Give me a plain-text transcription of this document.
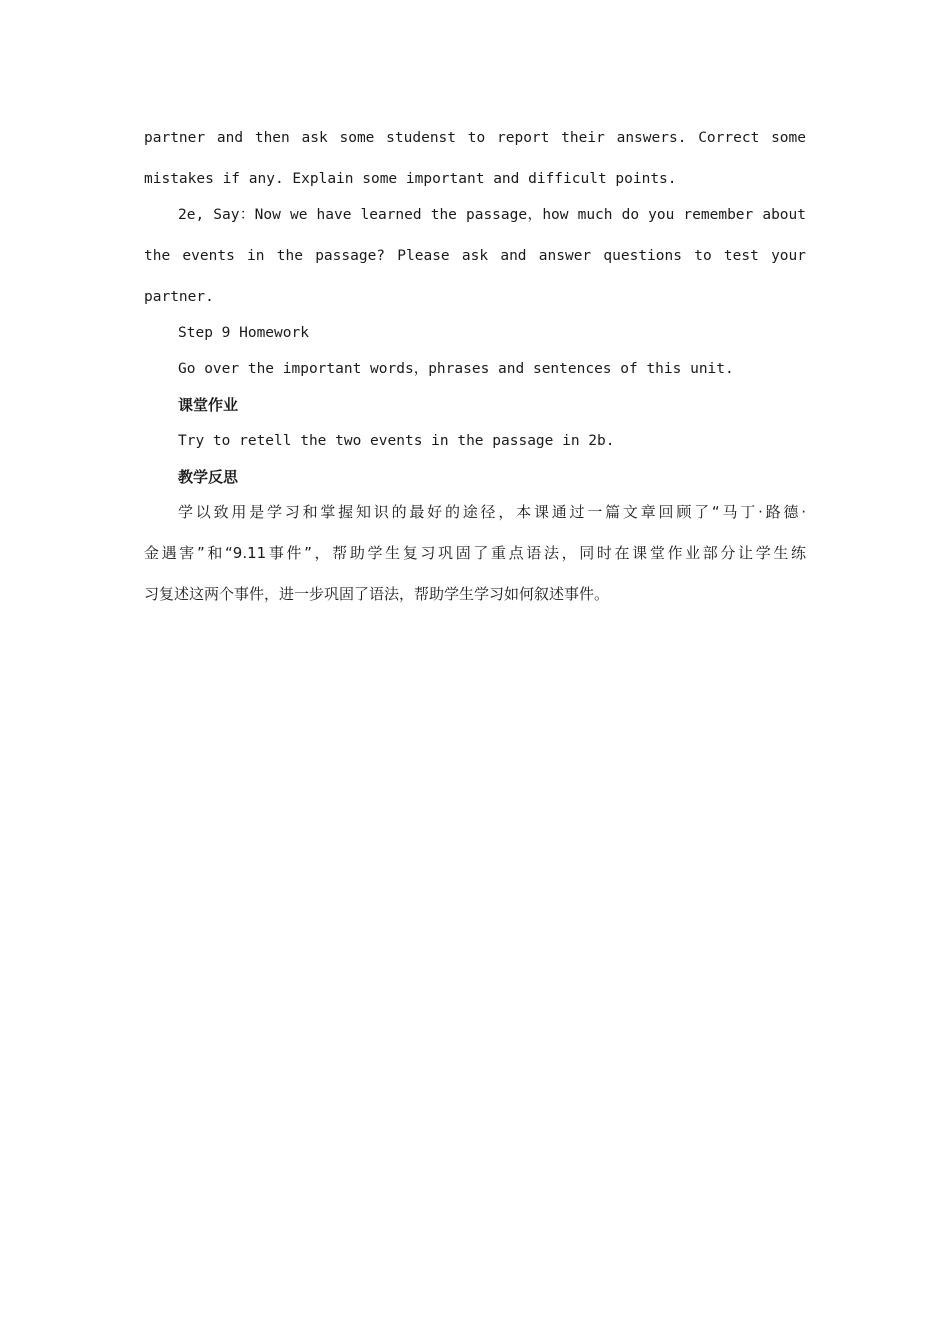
partner and then ask some studenst to report their answers. Correct some
mistakes if any. Explain some important and difficult points.
2e, Say：Now we have learned the passage，how much do you remember about
the events in the passage? Please ask and answer questions to test your
partner.
Step 9 Homework
Go over the important words，phrases and sentences of this unit.
课堂作业
Try to retell the two events in the passage in 2b.
教学反思
学以致用是学习和掌握知识的最好的途径，本课通过一篇文章回顾了“马丁·路德·
金遇害”和“9.11事件”，帮助学生复习巩固了重点语法，同时在课堂作业部分让学生练
习复述这两个事件，进一步巩固了语法，帮助学生学习如何叙述事件。
